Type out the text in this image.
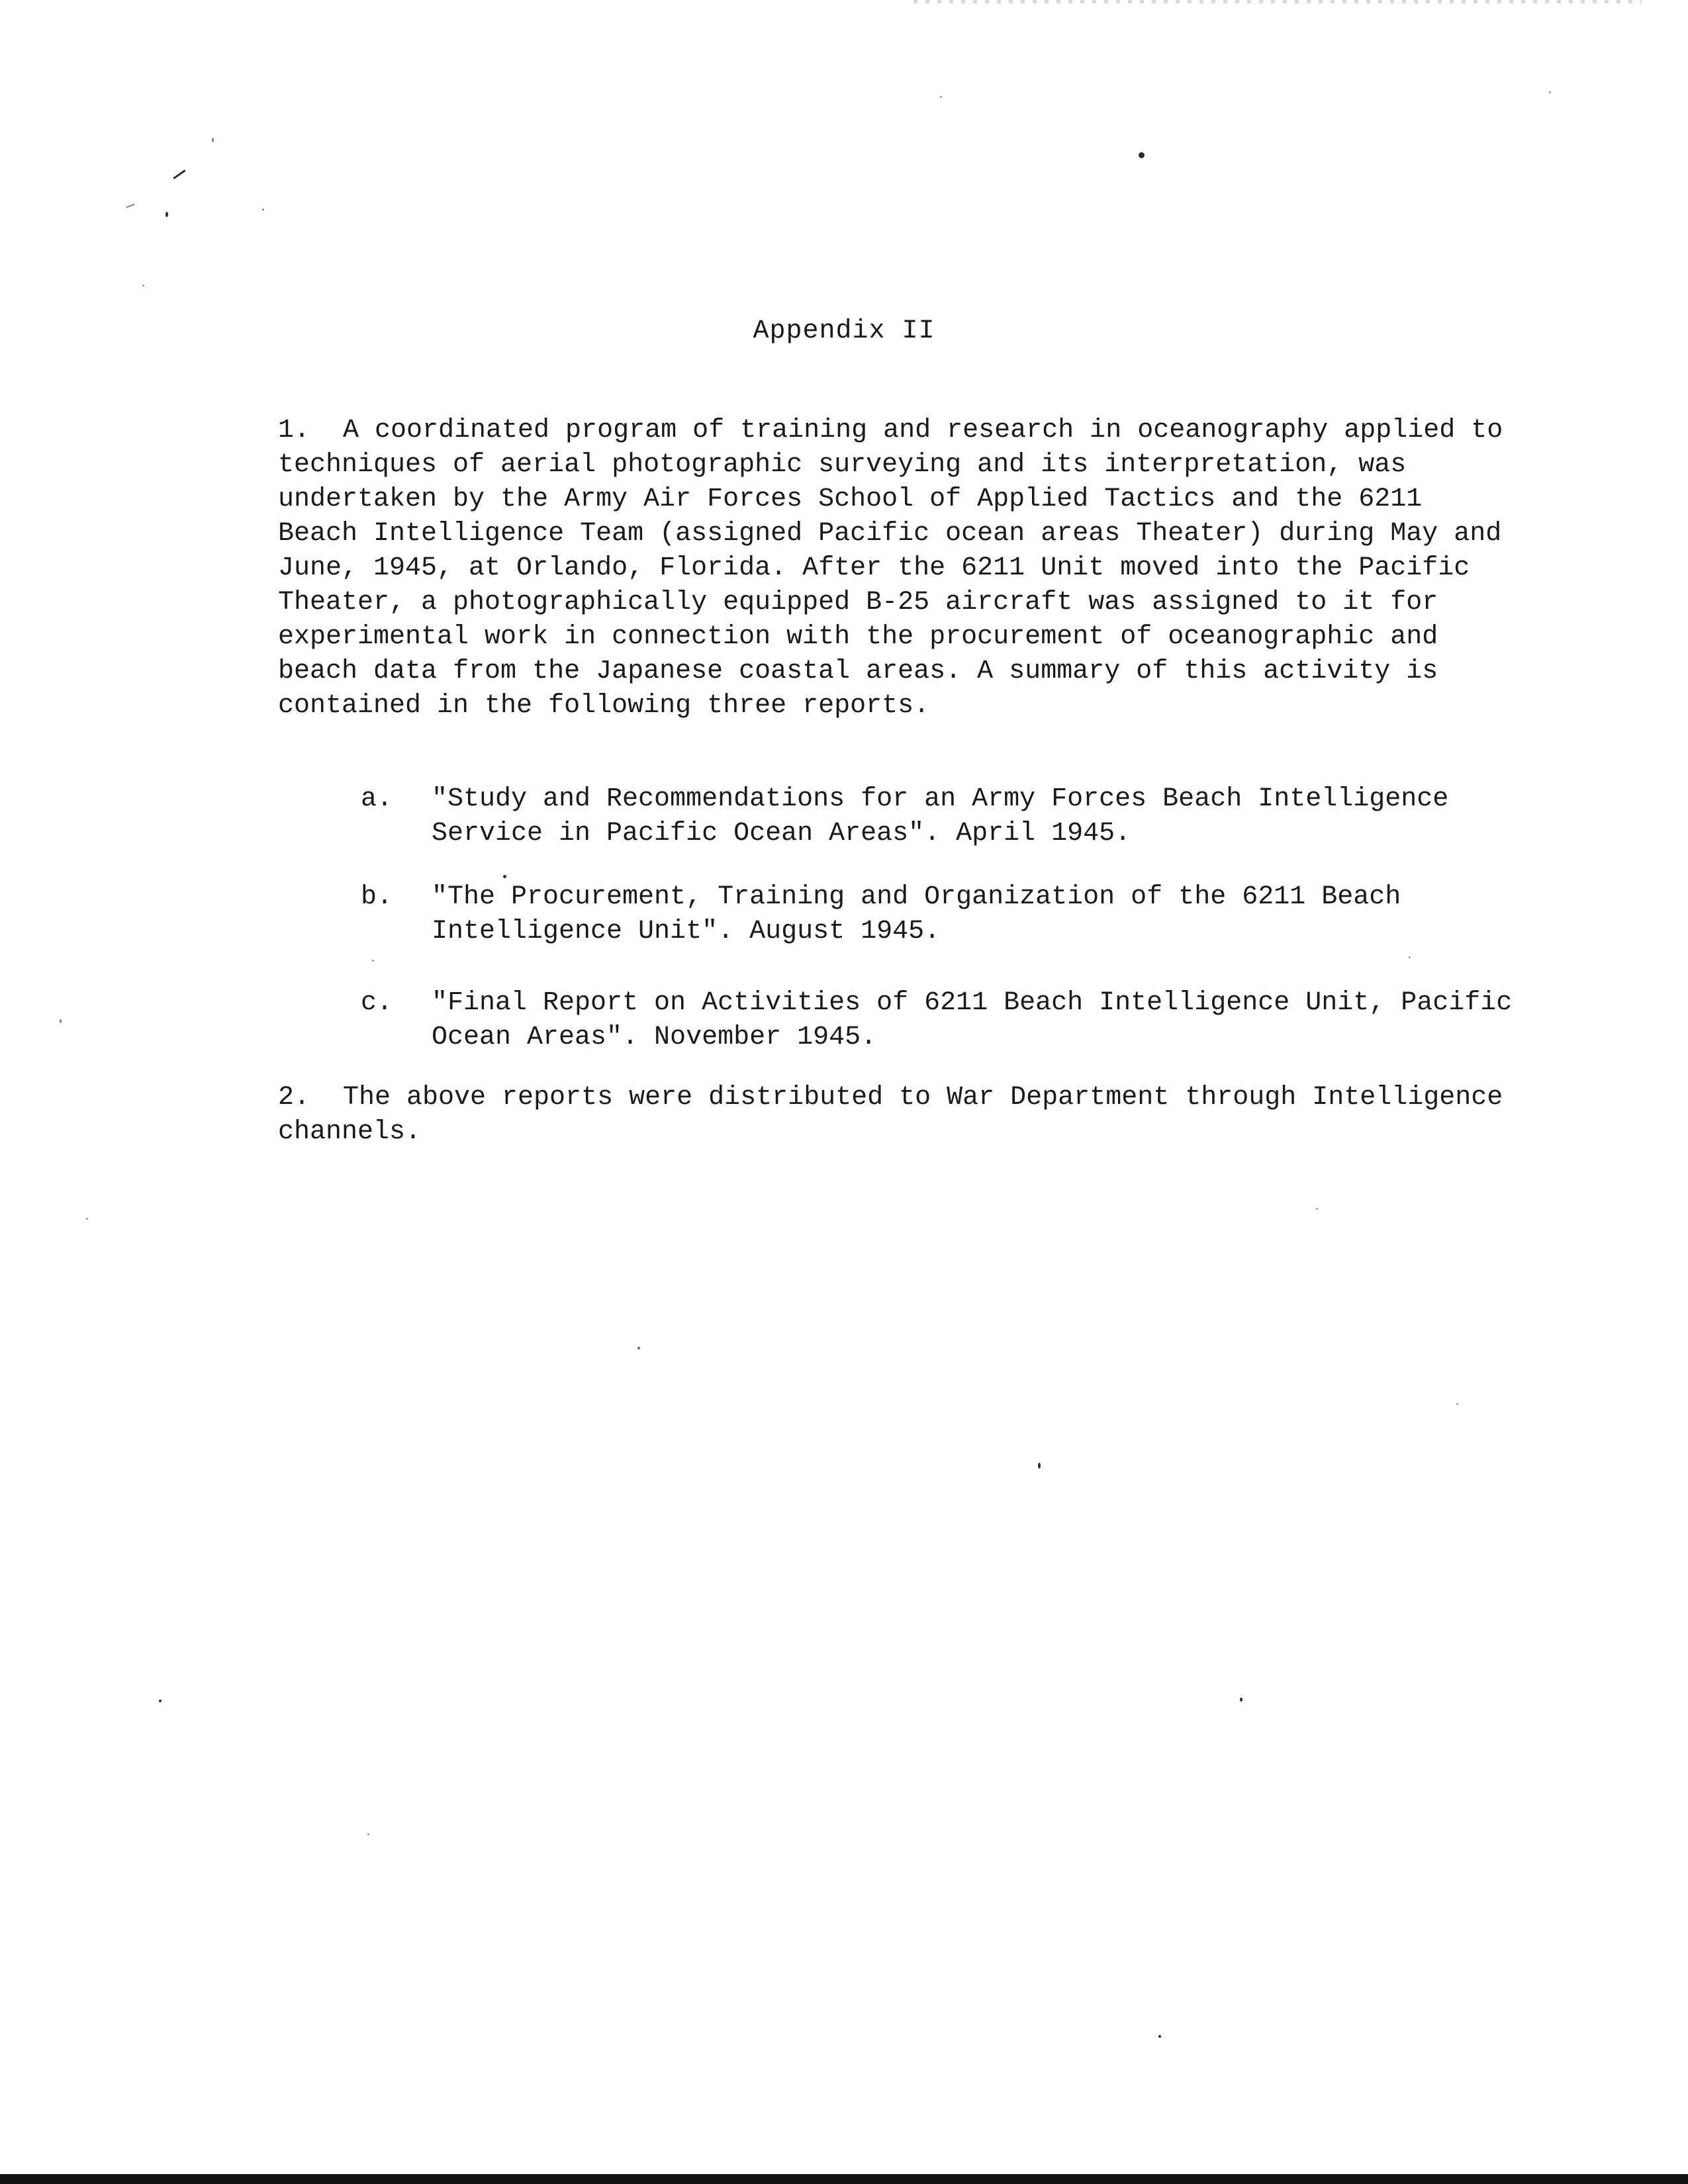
Appendix II

1. A coordinated program of training and research in oceanography applied to techniques of aerial photographic surveying and its interpretation, was undertaken by the Army Air Forces School of Applied Tactics and the 6211 Beach Intelligence Team (assigned Pacific ocean areas Theater) during May and June, 1945, at Orlando, Florida. After the 6211 Unit moved into the Pacific Theater, a photographically equipped B-25 aircraft was assigned to it for experimental work in connection with the procurement of oceanographic and beach data from the Japanese coastal areas. A summary of this activity is contained in the following three reports.

a.	"Study and Recommendations for an Army Forces Beach Intelligence Service in Pacific Ocean Areas". April 1945.
b.	"The Procurement, Training and Organization of the 6211 Beach Intelligence Unit". August 1945.
c.	"Final Report on Activities of 6211 Beach Intelligence Unit, Pacific Ocean Areas". November 1945.

2. The above reports were distributed to War Department through Intelligence channels.
